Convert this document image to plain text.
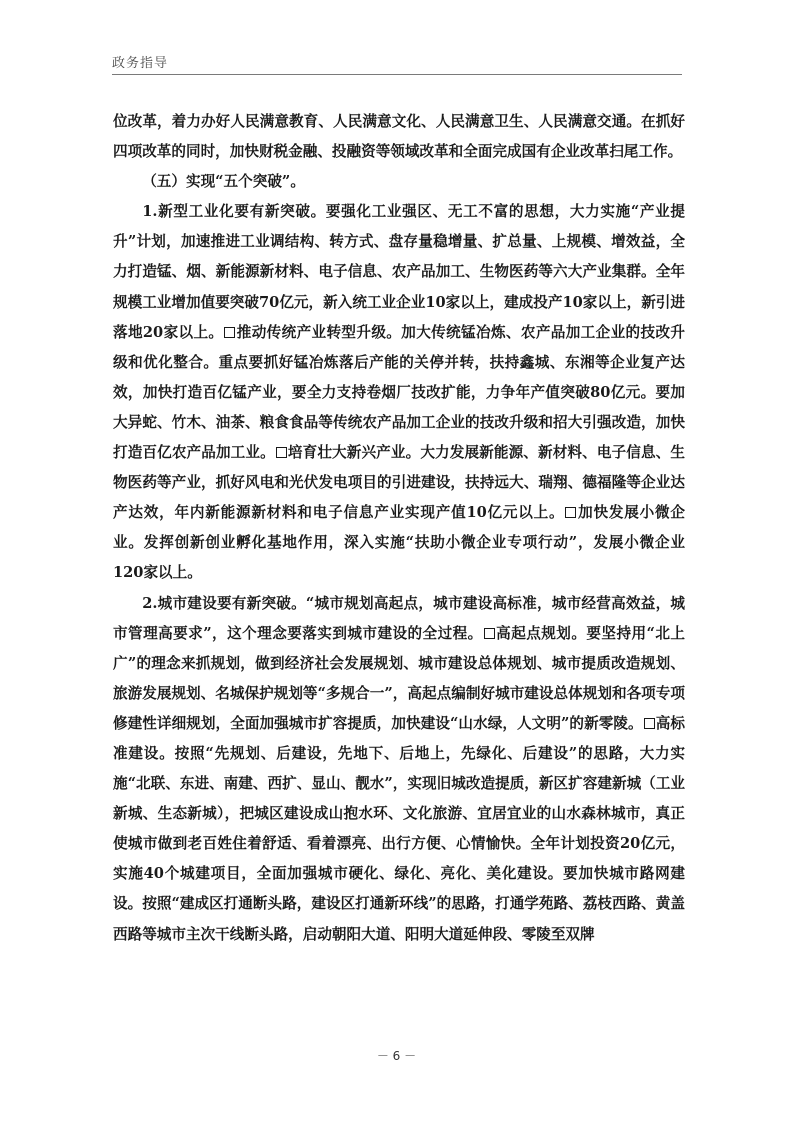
政务指导

位改革，着力办好人民满意教育、人民满意文化、人民满意卫生、人民满意交通。在抓好四项改革的同时，加快财税金融、投融资等领域改革和全面完成国有企业改革扫尾工作。

（五）实现“五个突破”。

1.新型工业化要有新突破。要强化工业强区、无工不富的思想，大力实施“产业提升”计划，加速推进工业调结构、转方式、盘存量稳增量、扩总量、上规模、增效益，全力打造锰、烟、新能源新材料、电子信息、农产品加工、生物医药等六大产业集群。全年规模工业增加值要突破70亿元，新入统工业企业10家以上，建成投产10家以上，新引进落地20家以上。 推动传统产业转型升级。加大传统锰冶炼、农产品加工企业的技改升级和优化整合。重点要抓好锰冶炼落后产能的关停并转，扶持鑫城、东湘等企业复产达效，加快打造百亿锰产业，要全力支持卷烟厂技改扩能，力争年产值突破80亿元。要加大异蛇、竹木、油茶、粮食食品等传统农产品加工企业的技改升级和招大引强改造，加快打造百亿农产品加工业。 培育壮大新兴产业。大力发展新能源、新材料、电子信息、生物医药等产业，抓好风电和光伏发电项目的引进建设，扶持远大、瑞翔、德福隆等企业达产达效，年内新能源新材料和电子信息产业实现产值10亿元以上。 加快发展小微企业。发挥创新创业孵化基地作用，深入实施“扶助小微企业专项行动”，发展小微企业120家以上。

2.城市建设要有新突破。“城市规划高起点，城市建设高标准，城市经营高效益，城市管理高要求”，这个理念要落实到城市建设的全过程。 高起点规划。要坚持用“北上广”的理念来抓规划，做到经济社会发展规划、城市建设总体规划、城市提质改造规划、旅游发展规划、名城保护规划等“多规合一”，高起点编制好城市建设总体规划和各项专项修建性详细规划，全面加强城市扩容提质，加快建设“山水绿，人文明”的新零陵。 高标准建设。按照“先规划、后建设，先地下、后地上，先绿化、后建设”的思路，大力实施“北联、东进、南建、西扩、显山、靓水”，实现旧城改造提质，新区扩容建新城（工业新城、生态新城），把城区建设成山抱水环、文化旅游、宜居宜业的山水森林城市，真正使城市做到老百姓住着舒适、看着漂亮、出行方便、心情愉快。全年计划投资20亿元，实施40个城建项目，全面加强城市硬化、绿化、亮化、美化建设。要加快城市路网建设。按照“建成区打通断头路，建设区打通新环线”的思路，打通学苑路、荔枝西路、黄盖西路等城市主次干线断头路，启动朝阳大道、阳明大道延伸段、零陵至双牌

－ 6 －
